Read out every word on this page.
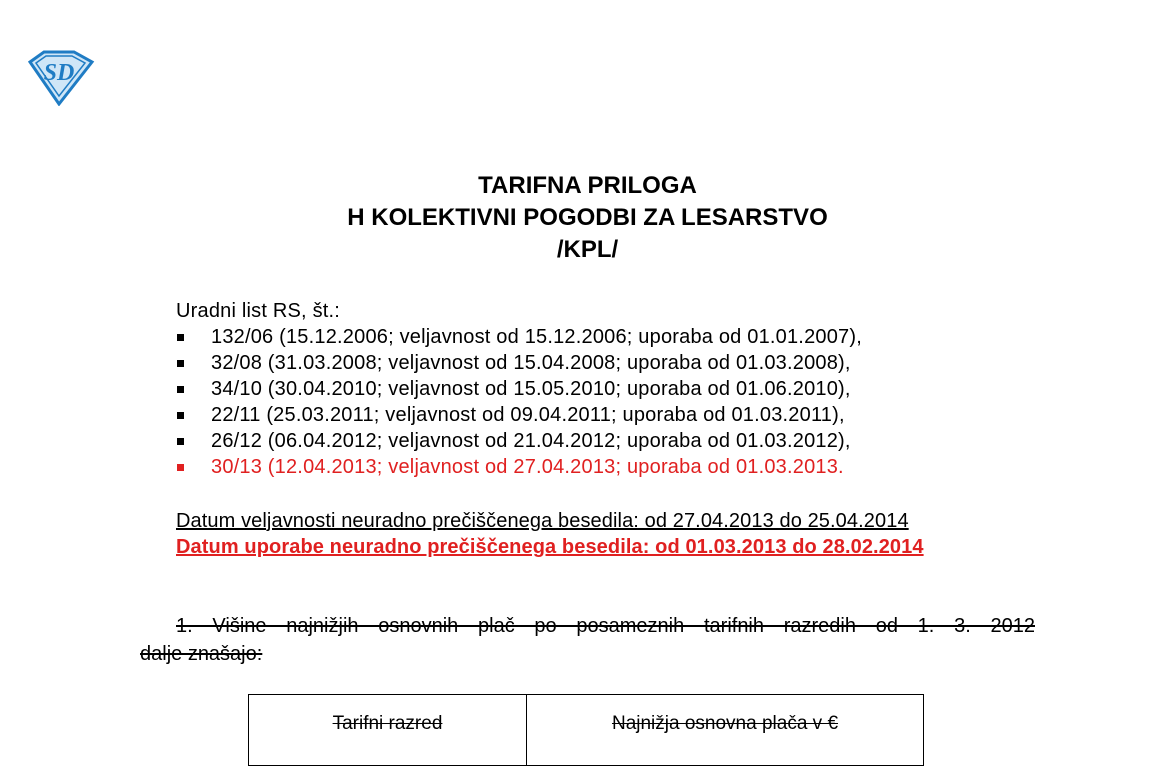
SD
TARIFNA PRILOGA
H KOLEKTIVNI POGODBI ZA LESARSTVO
/KPL/
Uradni list RS, št.:
132/06 (15.12.2006; veljavnost od 15.12.2006; uporaba od 01.01.2007),
32/08 (31.03.2008; veljavnost od 15.04.2008; uporaba od 01.03.2008),
34/10 (30.04.2010; veljavnost od 15.05.2010; uporaba od 01.06.2010),
22/11 (25.03.2011; veljavnost od 09.04.2011; uporaba od 01.03.2011),
26/12 (06.04.2012; veljavnost od 21.04.2012; uporaba od 01.03.2012),
30/13 (12.04.2013; veljavnost od 27.04.2013; uporaba od 01.03.2013.
Datum veljavnosti neuradno prečiščenega besedila: od 27.04.2013 do 25.04.2014
Datum uporabe neuradno prečiščenega besedila: od 01.03.2013 do 28.02.2014
1. Višine najnižjih osnovnih plač po posameznih tarifnih razredih od 1. 3. 2012
dalje znašajo:
Tarifni razred	Najnižja osnovna plača v €
